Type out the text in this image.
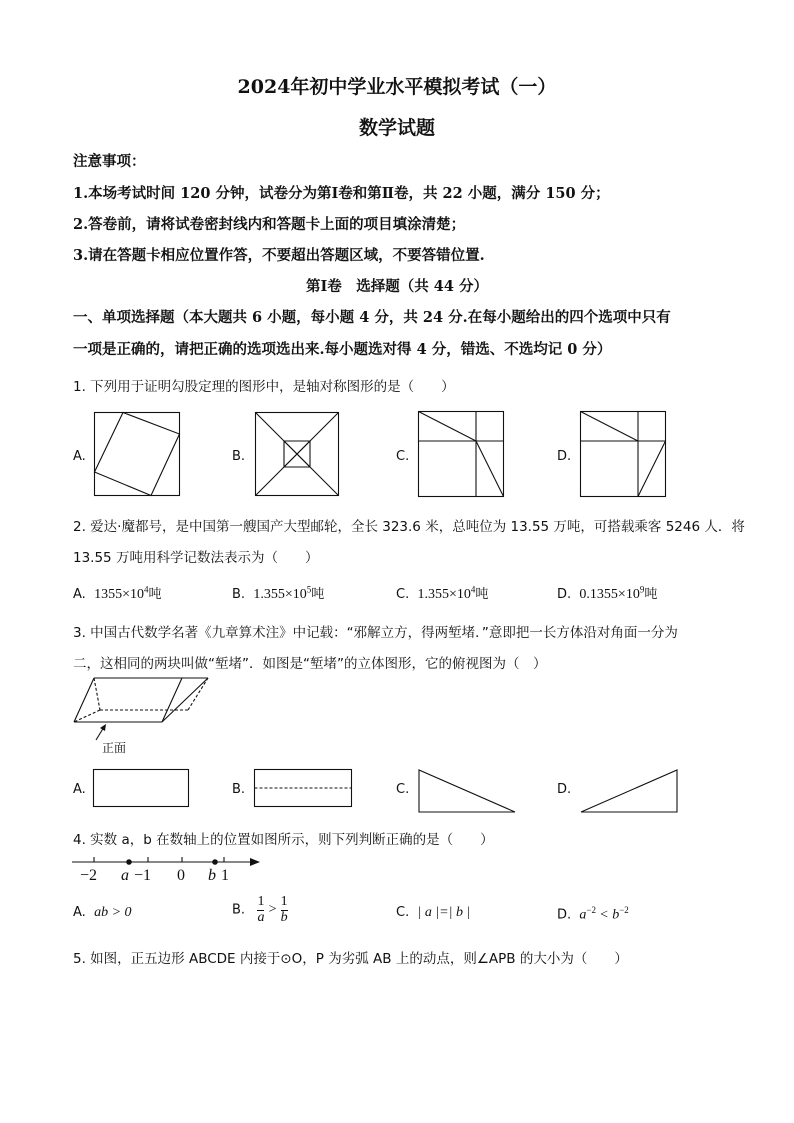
2024年初中学业水平模拟考试（一）
数学试题
注意事项：
1.本场考试时间 120 分钟，试卷分为第Ⅰ卷和第Ⅱ卷，共 22 小题，满分 150 分；
2.答卷前，请将试卷密封线内和答题卡上面的项目填涂清楚；
3.请在答题卡相应位置作答，不要超出答题区域，不要答错位置.
第Ⅰ卷　选择题（共 44 分）
一、单项选择题（本大题共 6 小题，每小题 4 分，共 24 分.在每小题给出的四个选项中只有
一项是正确的，请把正确的选项选出来.每小题选对得 4 分，错选、不选均记 0 分）
1. 下列用于证明勾股定理的图形中，是轴对称图形的是（　　）
A.	B.	C.	D.
2. 爱达·魔都号，是中国第一艘国产大型邮轮，全长 323.6 米，总吨位为 13.55 万吨，可搭载乘客 5246 人．将
13.55 万吨用科学记数法表示为（　　）
A. $1355\times 10^4$吨	B. $1.355\times 10^5$吨	C. $1.355\times 10^4$吨	D. $0.1355\times 10^9$吨
3. 中国古代数学名著《九章算术注》中记载：“邪解立方，得两堑堵．”意即把一长方体沿对角面一分为
二，这相同的两块叫做“堑堵”．如图是“堑堵”的立体图形，它的俯视图为（　）
正面
A.	B.	C.	D.
4. 实数 a，b 在数轴上的位置如图所示，则下列判断正确的是（　　）
−2 a −1 0 b 1
A. ab > 0	B. $\frac{1}{a} > \frac{1}{b}$	C. | a |=| b |	D. $a^{-2} < b^{-2}$
5. 如图，正五边形 ABCDE 内接于⊙O，P 为劣弧 AB 上的动点，则∠APB 的大小为（　　）
